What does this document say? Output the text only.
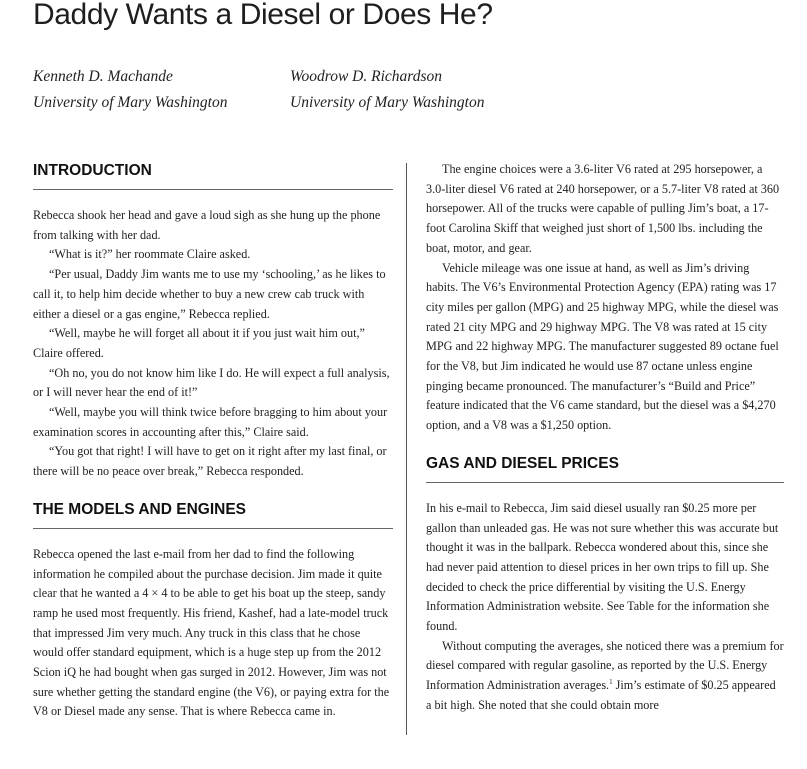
Daddy Wants a Diesel or Does He?
Kenneth D. Machande
University of Mary Washington
Woodrow D. Richardson
University of Mary Washington
INTRODUCTION

Rebecca shook her head and gave a loud sigh as she hung up the phone from talking with her dad.

“What is it?” her roommate Claire asked.

“Per usual, Daddy Jim wants me to use my ‘schooling,’ as he likes to call it, to help him decide whether to buy a new crew cab truck with either a diesel or a gas engine,” Rebecca replied.

“Well, maybe he will forget all about it if you just wait him out,” Claire offered.

“Oh no, you do not know him like I do. He will expect a full analysis, or I will never hear the end of it!”

“Well, maybe you will think twice before bragging to him about your examination scores in accounting after this,” Claire said.

“You got that right! I will have to get on it right after my last final, or there will be no peace over break,” Rebecca responded.

THE MODELS AND ENGINES

Rebecca opened the last e-mail from her dad to find the following information he compiled about the purchase decision. Jim made it quite clear that he wanted a 4 × 4 to be able to get his boat up the steep, sandy ramp he used most frequently. His friend, Kashef, had a late-model truck that impressed Jim very much. Any truck in this class that he chose would offer standard equipment, which is a huge step up from the 2012 Scion iQ he had bought when gas surged in 2012. However, Jim was not sure whether getting the standard engine (the V6), or paying extra for the V8 or Diesel made any sense. That is where Rebecca came in.

The engine choices were a 3.6-liter V6 rated at 295 horsepower, a 3.0-liter diesel V6 rated at 240 horsepower, or a 5.7-liter V8 rated at 360 horsepower. All of the trucks were capable of pulling Jim’s boat, a 17-foot Carolina Skiff that weighed just short of 1,500 lbs. including the boat, motor, and gear.

Vehicle mileage was one issue at hand, as well as Jim’s driving habits. The V6’s Environmental Protection Agency (EPA) rating was 17 city miles per gallon (MPG) and 25 highway MPG, while the diesel was rated 21 city MPG and 29 highway MPG. The V8 was rated at 15 city MPG and 22 highway MPG. The manufacturer suggested 89 octane fuel for the V8, but Jim indicated he would use 87 octane unless engine pinging became pronounced. The manufacturer’s “Build and Price” feature indicated that the V6 came standard, but the diesel was a $4,270 option, and a V8 was a $1,250 option.

GAS AND DIESEL PRICES

In his e-mail to Rebecca, Jim said diesel usually ran $0.25 more per gallon than unleaded gas. He was not sure whether this was accurate but thought it was in the ballpark. Rebecca wondered about this, since she had never paid attention to diesel prices in her own trips to fill up. She decided to check the price differential by visiting the U.S. Energy Information Administration website. See Table for the information she found.

Without computing the averages, she noticed there was a premium for diesel compared with regular gasoline, as reported by the U.S. Energy Information Administration averages.$^1$ Jim’s estimate of $0.25 appeared a bit high. She noted that she could obtain more
